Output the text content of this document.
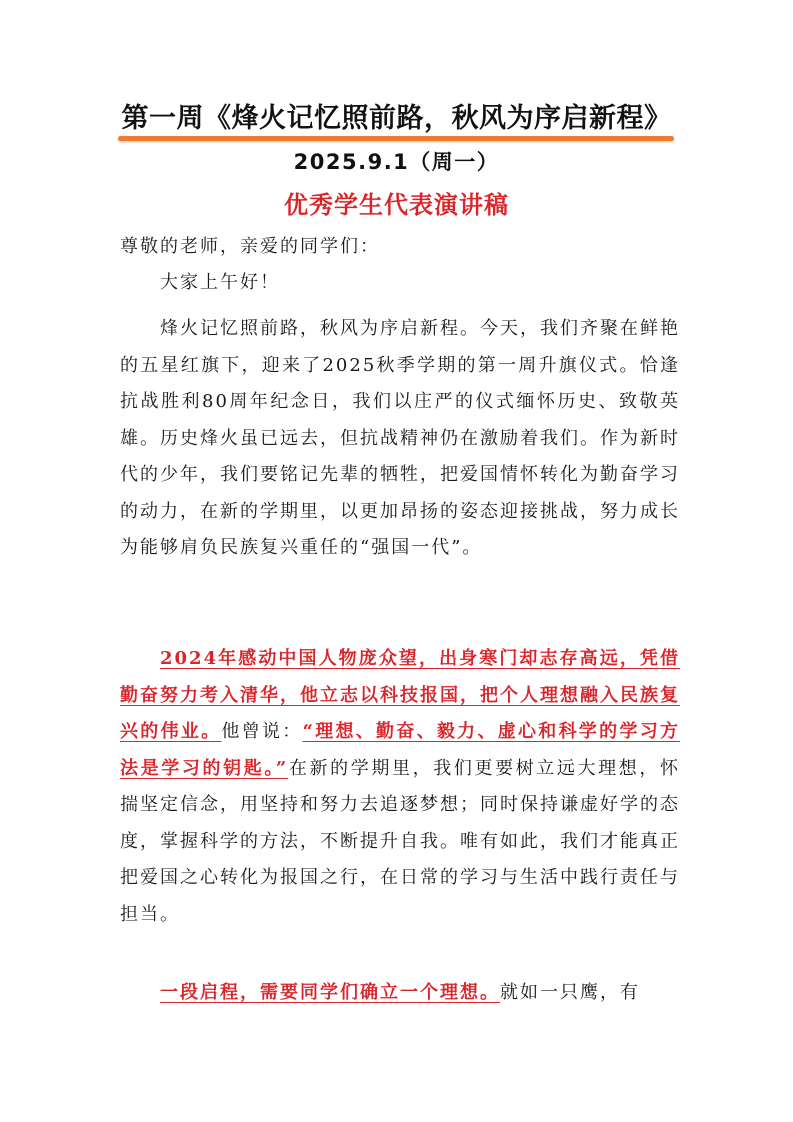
第一周《烽火记忆照前路，秋风为序启新程》
2025.9.1（周一）
优秀学生代表演讲稿
尊敬的老师，亲爱的同学们：
大家上午好！
烽火记忆照前路，秋风为序启新程。今天，我们齐聚在鲜艳的五星红旗下，迎来了2025秋季学期的第一周升旗仪式。恰逢抗战胜利80周年纪念日，我们以庄严的仪式缅怀历史、致敬英雄。历史烽火虽已远去，但抗战精神仍在激励着我们。作为新时代的少年，我们要铭记先辈的牺牲，把爱国情怀转化为勤奋学习的动力，在新的学期里，以更加昂扬的姿态迎接挑战，努力成长为能够肩负民族复兴重任的“强国一代”。
2024年感动中国人物庞众望，出身寒门却志存高远，凭借勤奋努力考入清华，他立志以科技报国，把个人理想融入民族复兴的伟业。他曾说：“理想、勤奋、毅力、虚心和科学的学习方法是学习的钥匙。”在新的学期里，我们更要树立远大理想，怀揣坚定信念，用坚持和努力去追逐梦想；同时保持谦虚好学的态度，掌握科学的方法，不断提升自我。唯有如此，我们才能真正把爱国之心转化为报国之行，在日常的学习与生活中践行责任与担当。
一段启程，需要同学们确立一个理想。就如一只鹰，有
